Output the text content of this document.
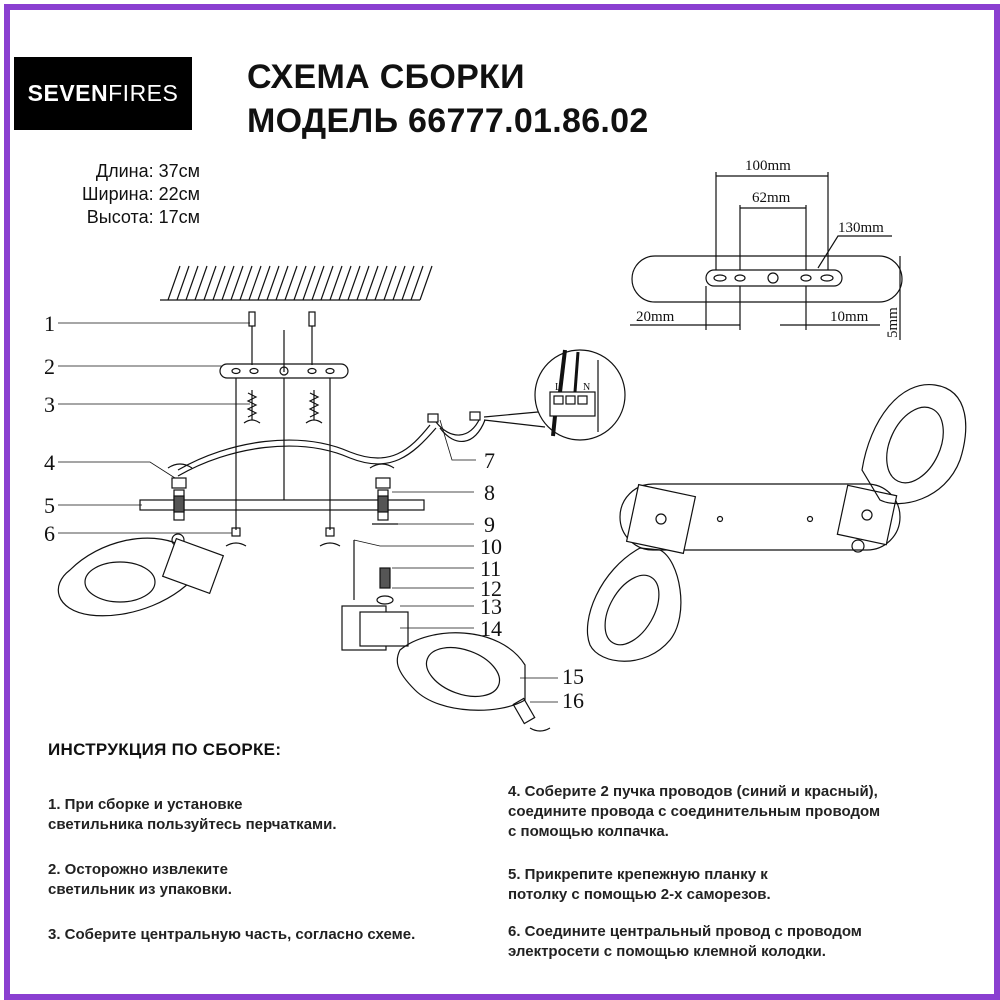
SEVEN FIRES СХЕМА СБОРКИ
МОДЕЛЬ 66777.01.86.02
Длина: 37см
Ширина: 22см
Высота: 17см
1
2
3
4
5
6
7
8
9
10
11
12
13
14
15
16
L N
100mm
62mm
130mm
20mm	10mm 5mm
ИНСТРУКЦИЯ ПО СБОРКЕ:
1. При сборке и установке
светильника пользуйтесь перчатками.
2. Осторожно извлеките
светильник из упаковки.
3. Соберите центральную часть, согласно схеме.
4. Соберите 2 пучка проводов (синий и красный),
соедините провода с соединительным проводом
с помощью колпачка.
5. Прикрепите крепежную планку к
потолку с помощью 2-х саморезов.
6. Соедините центральный провод с проводом
электросети с помощью клемной колодки.
